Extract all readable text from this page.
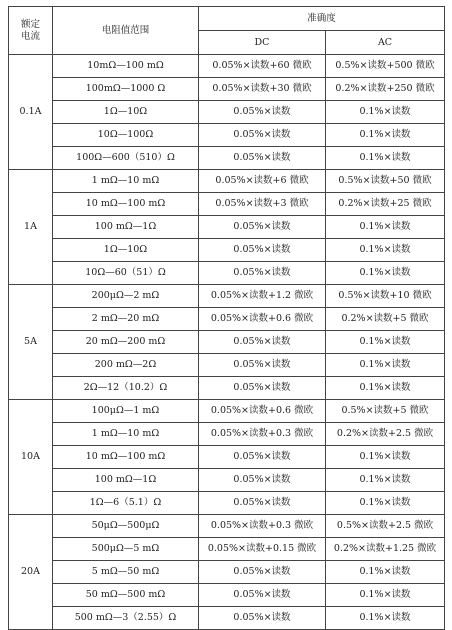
额定
电流	电阻值范围	准确度	
		DC	AC
0.1A	10mΩ—100 mΩ	0.05%×读数+60 微欧	0.5%×读数+500 微欧
	100mΩ—1000 Ω	0.05%×读数+30 微欧	0.2%×读数+250 微欧
	1Ω—10Ω	0.05%×读数	0.1%×读数
	10Ω—100Ω	0.05%×读数	0.1%×读数
	100Ω—600（510）Ω	0.05%×读数	0.1%×读数
1A	1 mΩ—10 mΩ	0.05%×读数+6 微欧	0.5%×读数+50 微欧
	10 mΩ—100 mΩ	0.05%×读数+3 微欧	0.2%×读数+25 微欧
	100 mΩ—1Ω	0.05%×读数	0.1%×读数
	1Ω—10Ω	0.05%×读数	0.1%×读数
	10Ω—60（51）Ω	0.05%×读数	0.1%×读数
5A	200μΩ—2 mΩ	0.05%×读数+1.2 微欧	0.5%×读数+10 微欧
	2 mΩ—20 mΩ	0.05%×读数+0.6 微欧	0.2%×读数+5 微欧
	20 mΩ—200 mΩ	0.05%×读数	0.1%×读数
	200 mΩ—2Ω	0.05%×读数	0.1%×读数
	2Ω—12（10.2）Ω	0.05%×读数	0.1%×读数
10A	100μΩ—1 mΩ	0.05%×读数+0.6 微欧	0.5%×读数+5 微欧
	1 mΩ—10 mΩ	0.05%×读数+0.3 微欧	0.2%×读数+2.5 微欧
	10 mΩ—100 mΩ	0.05%×读数	0.1%×读数
	100 mΩ—1Ω	0.05%×读数	0.1%×读数
	1Ω—6（5.1）Ω	0.05%×读数	0.1%×读数
20A	50μΩ—500μΩ	0.05%×读数+0.3 微欧	0.5%×读数+2.5 微欧
	500μΩ—5 mΩ	0.05%×读数+0.15 微欧	0.2%×读数+1.25 微欧
	5 mΩ—50 mΩ	0.05%×读数	0.1%×读数
	50 mΩ—500 mΩ	0.05%×读数	0.1%×读数
	500 mΩ—3（2.55）Ω	0.05%×读数	0.1%×读数
